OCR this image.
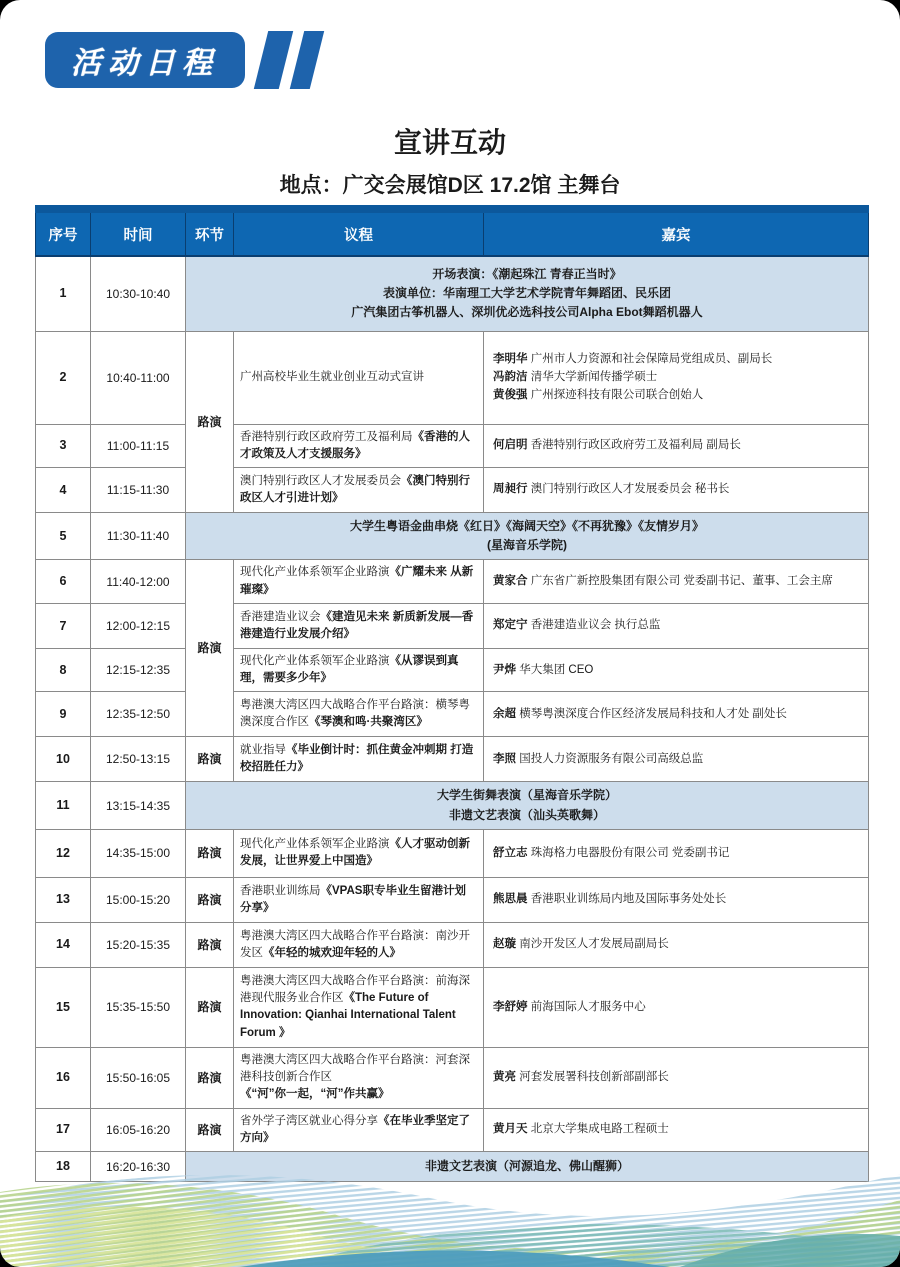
活动日程
宣讲互动
地点：广交会展馆D区 17.2馆 主舞台
序号	时间	环节	议程	嘉宾
1	10:30-10:40	开场表演：《潮起珠江 青春正当时》
表演单位：华南理工大学艺术学院青年舞蹈团、民乐团
广汽集团古筝机器人、深圳优必选科技公司Alpha Ebot舞蹈机器人		

2	10:40-11:00	路演	广州高校毕业生就业创业互动式宣讲	李明华 广州市人力资源和社会保障局党组成员、副局长
冯韵洁 清华大学新闻传播学硕士
黄俊强 广州探迹科技有限公司联合创始人

3	11:00-11:15		香港特别行政区政府劳工及福利局《香港的人才政策及人才支援服务》	何启明 香港特别行政区政府劳工及福利局 副局长

4	11:15-11:30		澳门特别行政区人才发展委员会《澳门特别行政区人才引进计划》	周昶行 澳门特别行政区人才发展委员会 秘书长

5	11:30-11:40	大学生粤语金曲串烧《红日》《海阔天空》《不再犹豫》《友情岁月》
(星海音乐学院)		

6	11:40-12:00	路演	现代化产业体系领军企业路演《广耀未来 从新璀璨》	黄家合 广东省广新控股集团有限公司 党委副书记、董事、工会主席

7	12:00-12:15		香港建造业议会《建造见未来 新质新发展—香港建造行业发展介绍》	郑定宁 香港建造业议会 执行总监

8	12:15-12:35		现代化产业体系领军企业路演《从谬误到真理，需要多少年》	尹烨 华大集团 CEO

9	12:35-12:50		粤港澳大湾区四大战略合作平台路演：横琴粤澳深度合作区《琴澳和鸣·共聚湾区》	余超 横琴粤澳深度合作区经济发展局科技和人才处 副处长

10	12:50-13:15	路演	就业指导《毕业倒计时：抓住黄金冲刺期 打造校招胜任力》	李照 国投人力资源服务有限公司高级总监

11	13:15-14:35	大学生街舞表演（星海音乐学院）
非遗文艺表演（汕头英歌舞）		

12	14:35-15:00	路演	现代化产业体系领军企业路演《人才驱动创新发展，让世界爱上中国造》	舒立志 珠海格力电器股份有限公司 党委副书记

13	15:00-15:20	路演	香港职业训练局《VPAS职专毕业生留港计划分享》	熊思晨 香港职业训练局内地及国际事务处处长

14	15:20-15:35	路演	粤港澳大湾区四大战略合作平台路演：南沙开发区《年轻的城欢迎年轻的人》	赵璇 南沙开发区人才发展局副局长

15	15:35-15:50	路演	粤港澳大湾区四大战略合作平台路演：前海深港现代服务业合作区《The Future of Innovation: Qianhai International Talent Forum 》	李舒婷 前海国际人才服务中心

16	15:50-16:05	路演	粤港澳大湾区四大战略合作平台路演：河套深港科技创新合作区《“河”你一起，“河”作共赢》	黄亮 河套发展署科技创新部副部长

17	16:05-16:20	路演	省外学子湾区就业心得分享《在毕业季坚定了方向》	黄月天 北京大学集成电路工程硕士

18	16:20-16:30	非遗文艺表演（河源追龙、佛山醒狮）		
